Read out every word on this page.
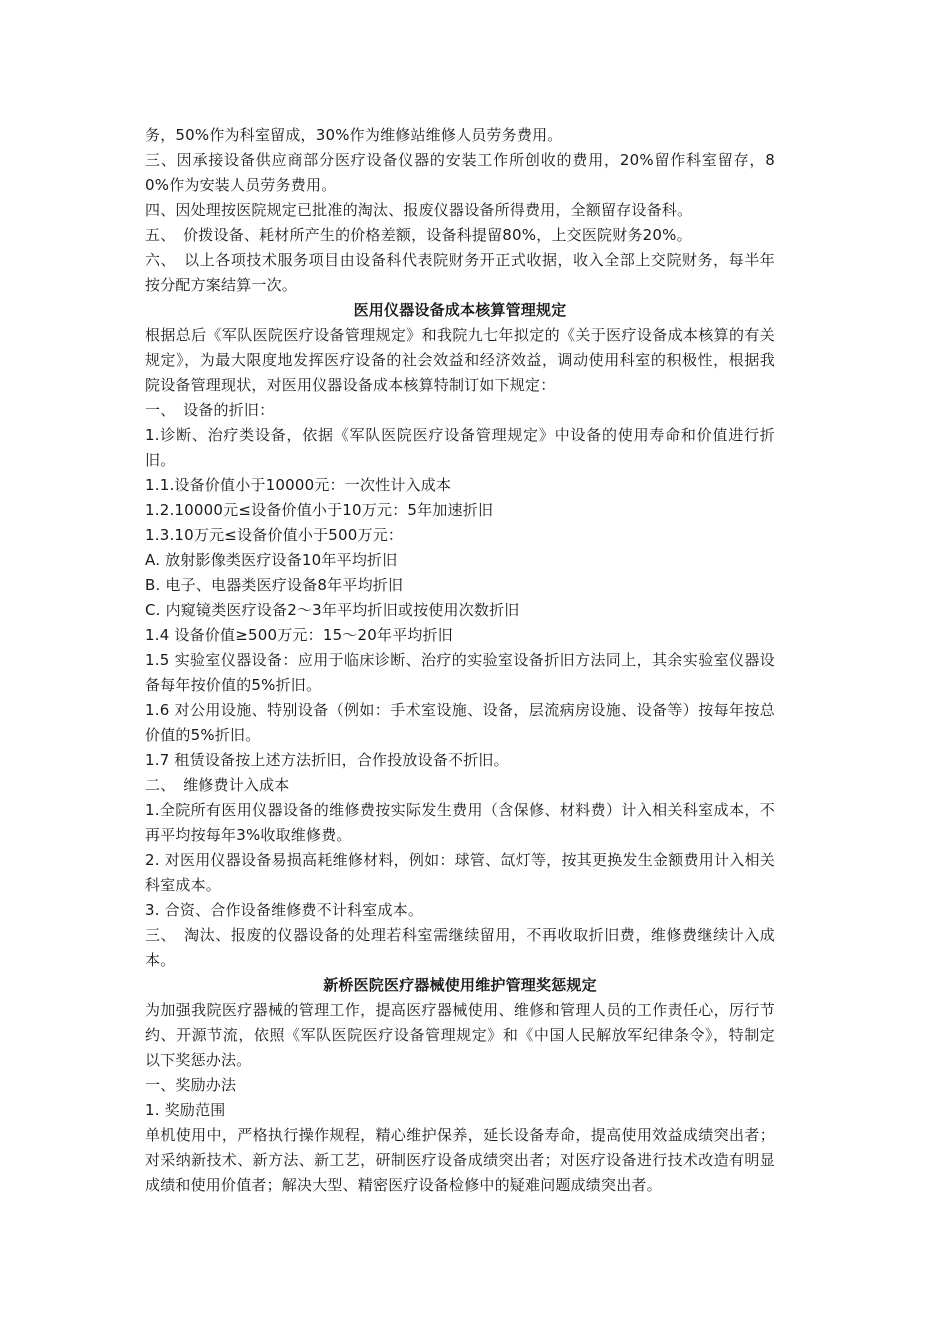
务，50%作为科室留成，30%作为维修站维修人员劳务费用。

三、因承接设备供应商部分医疗设备仪器的安装工作所创收的费用，20%留作科室留存，80%作为安装人员劳务费用。

四、因处理按医院规定已批准的淘汰、报废仪器设备所得费用，全额留存设备科。

五、　价拨设备、耗材所产生的价格差额，设备科提留80%，上交医院财务20%。

六、　以上各项技术服务项目由设备科代表院财务开正式收据，收入全部上交院财务，每半年按分配方案结算一次。

医用仪器设备成本核算管理规定

根据总后《军队医院医疗设备管理规定》和我院九七年拟定的《关于医疗设备成本核算的有关规定》，为最大限度地发挥医疗设备的社会效益和经济效益，调动使用科室的积极性，根据我院设备管理现状，对医用仪器设备成本核算特制订如下规定：

一、　设备的折旧：

1.诊断、治疗类设备，依据《军队医院医疗设备管理规定》中设备的使用寿命和价值进行折旧。

1.1.设备价值小于10000元：一次性计入成本

1.2.10000元≤设备价值小于10万元：5年加速折旧

1.3.10万元≤设备价值小于500万元：

A. 放射影像类医疗设备10年平均折旧

B. 电子、电器类医疗设备8年平均折旧

C. 内窥镜类医疗设备2～3年平均折旧或按使用次数折旧

1.4 设备价值≥500万元：15～20年平均折旧

1.5 实验室仪器设备：应用于临床诊断、治疗的实验室设备折旧方法同上，其余实验室仪器设备每年按价值的5%折旧。

1.6 对公用设施、特别设备（例如：手术室设施、设备，层流病房设施、设备等）按每年按总价值的5%折旧。

1.7 租赁设备按上述方法折旧，合作投放设备不折旧。

二、　维修费计入成本

1.全院所有医用仪器设备的维修费按实际发生费用（含保修、材料费）计入相关科室成本，不再平均按每年3%收取维修费。

2. 对医用仪器设备易损高耗维修材料，例如：球管、氙灯等，按其更换发生金额费用计入相关科室成本。

3. 合资、合作设备维修费不计科室成本。

三、　淘汰、报废的仪器设备的处理若科室需继续留用，不再收取折旧费，维修费继续计入成本。

新桥医院医疗器械使用维护管理奖惩规定

为加强我院医疗器械的管理工作，提高医疗器械使用、维修和管理人员的工作责任心，厉行节约、开源节流，依照《军队医院医疗设备管理规定》和《中国人民解放军纪律条令》，特制定以下奖惩办法。

一、奖励办法

1. 奖励范围

单机使用中，严格执行操作规程，精心维护保养，延长设备寿命，提高使用效益成绩突出者；对采纳新技术、新方法、新工艺，研制医疗设备成绩突出者；对医疗设备进行技术改造有明显成绩和使用价值者；解决大型、精密医疗设备检修中的疑难问题成绩突出者。
